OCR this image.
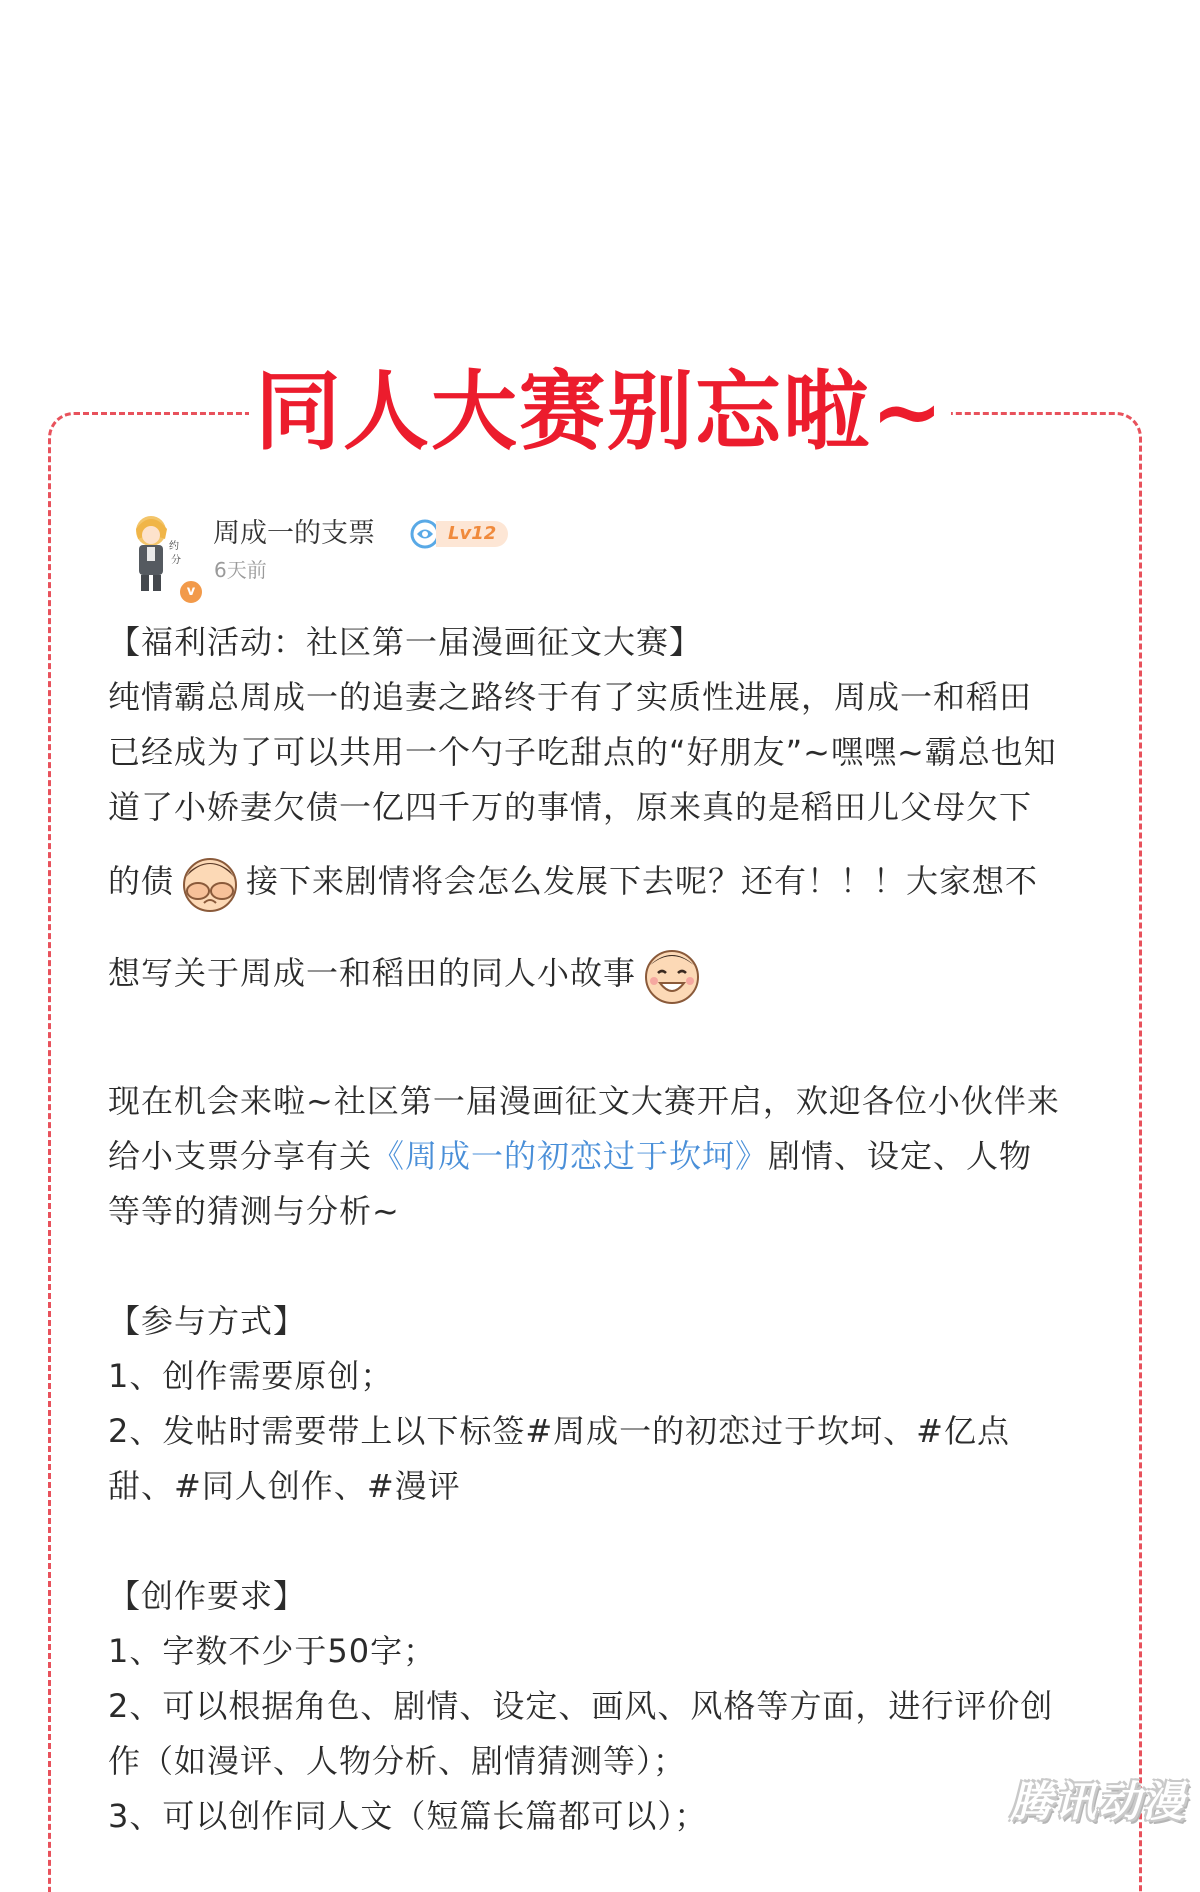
同人大赛别忘啦~
约
分
v
周成一的支票	Lv12
6天前
【福利活动：社区第一届漫画征文大赛】
纯情霸总周成一的追妻之路终于有了实质性进展，周成一和稻田
已经成为了可以共用一个勺子吃甜点的“好朋友”~嘿嘿~霸总也知
道了小娇妻欠债一亿四千万的事情，原来真的是稻田儿父母欠下
的债 接下来剧情将会怎么发展下去呢？还有！！！大家想不
想写关于周成一和稻田的同人小故事
现在机会来啦~社区第一届漫画征文大赛开启，欢迎各位小伙伴来
给小支票分享有关《周成一的初恋过于坎坷》剧情、设定、人物
等等的猜测与分析~
【参与方式】
1、创作需要原创；
2、发帖时需要带上以下标签#周成一的初恋过于坎坷、#亿点
甜、#同人创作、#漫评
【创作要求】
1、字数不少于50字；
2、可以根据角色、剧情、设定、画风、风格等方面，进行评价创
作（如漫评、人物分析、剧情猜测等）；
3、可以创作同人文（短篇长篇都可以）；	腾讯动漫
